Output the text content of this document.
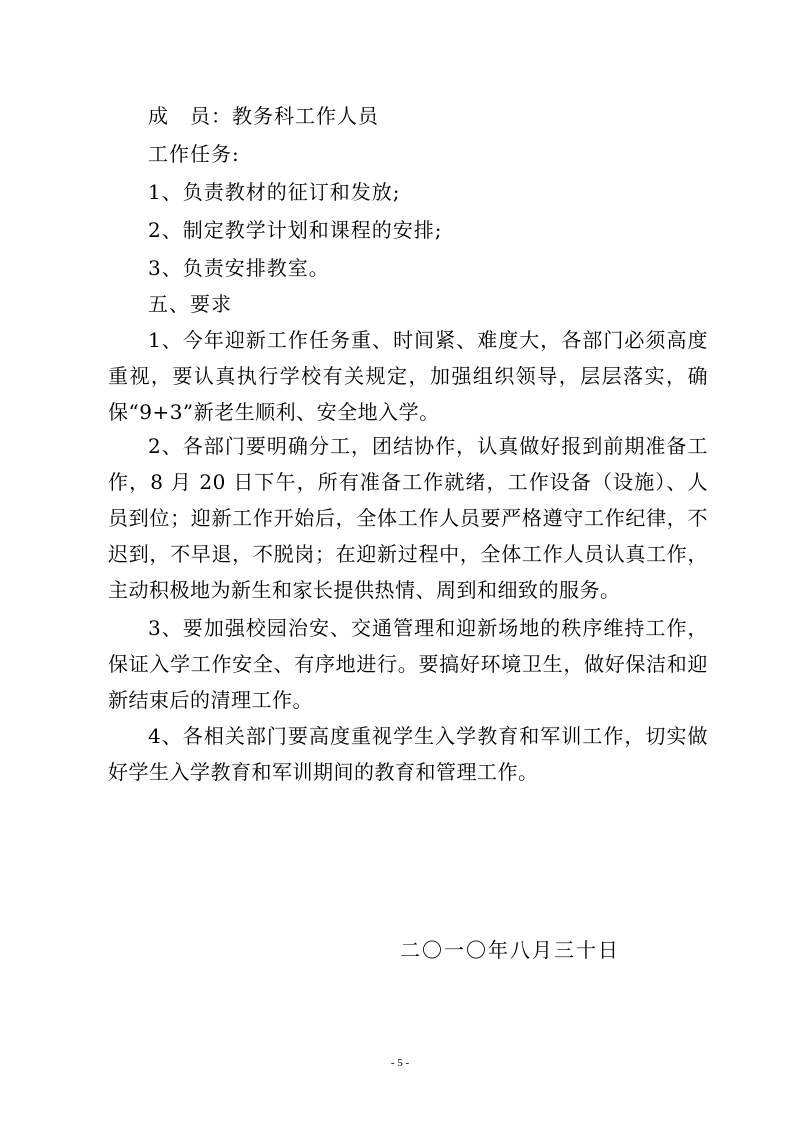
成　员：教务科工作人员
工作任务:
1、负责教材的征订和发放;
2、制定教学计划和课程的安排;
3、负责安排教室。
五、要求
1、今年迎新工作任务重、时间紧、难度大，各部门必须高度重视，要认真执行学校有关规定，加强组织领导，层层落实，确保“9+3”新老生顺利、安全地入学。
2、各部门要明确分工，团结协作，认真做好报到前期准备工作，8 月 20 日下午，所有准备工作就绪，工作设备（设施）、人员到位；迎新工作开始后，全体工作人员要严格遵守工作纪律，不迟到，不早退，不脱岗；在迎新过程中，全体工作人员认真工作，主动积极地为新生和家长提供热情、周到和细致的服务。
3、要加强校园治安、交通管理和迎新场地的秩序维持工作，保证入学工作安全、有序地进行。要搞好环境卫生，做好保洁和迎新结束后的清理工作。
4、各相关部门要高度重视学生入学教育和军训工作，切实做好学生入学教育和军训期间的教育和管理工作。
二〇一〇年八月三十日
- 5 -
